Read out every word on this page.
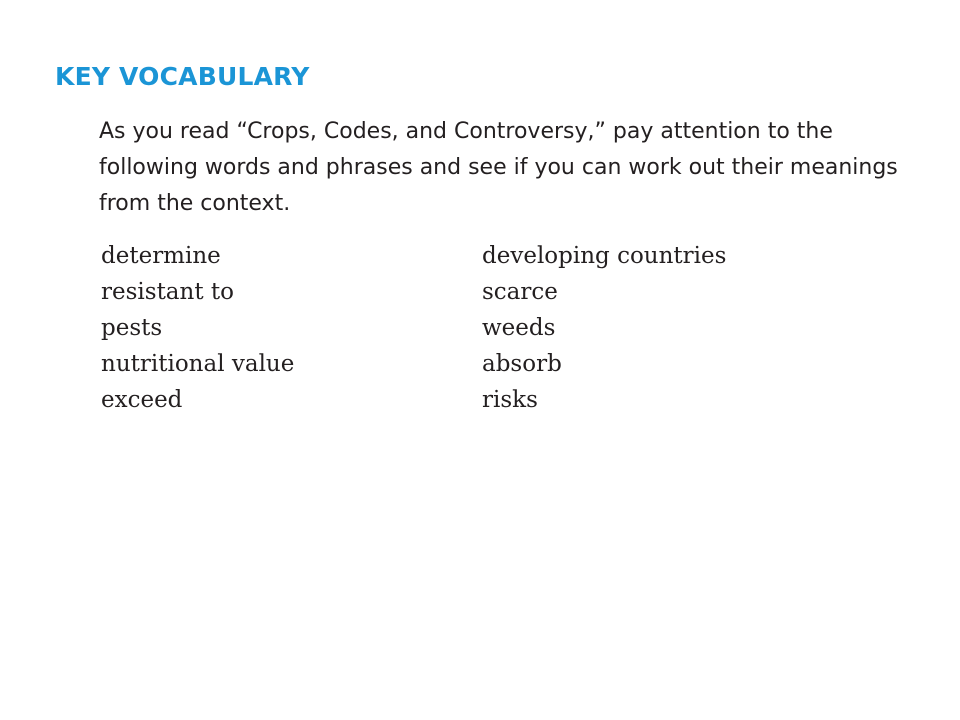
KEY VOCABULARY

As you read “Crops, Codes, and Controversy,” pay attention to the following words and phrases and see if you can work out their meanings from the context.

determine
resistant to
pests
nutritional value
exceed
developing countries
scarce
weeds
absorb
risks
